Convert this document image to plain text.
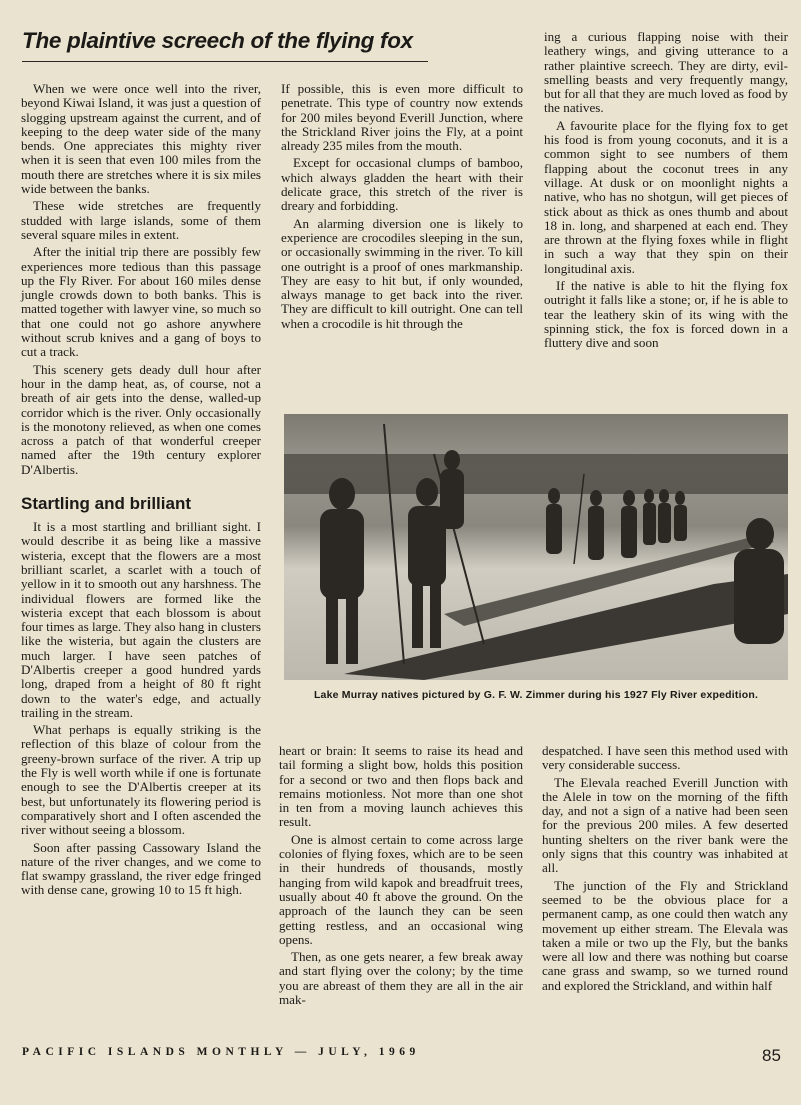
The plaintive screech of the flying fox

When we were once well into the river, beyond Kiwai Island, it was just a question of slogging upstream against the current, and of keeping to the deep water side of the many bends. One appreciates this mighty river when it is seen that even 100 miles from the mouth there are stretches where it is six miles wide between the banks.

These wide stretches are frequently studded with large islands, some of them several square miles in extent.

After the initial trip there are possibly few experiences more tedious than this passage up the Fly River. For about 160 miles dense jungle crowds down to both banks. This is matted together with lawyer vine, so much so that one could not go ashore anywhere without scrub knives and a gang of boys to cut a track.

This scenery gets deady dull hour after hour in the damp heat, as, of course, not a breath of air gets into the dense, walled-up corridor which is the river. Only occasionally is the monotony relieved, as when one comes across a patch of that wonderful creeper named after the 19th century explorer D'Albertis.

Startling and brilliant

It is a most startling and brilliant sight. I would describe it as being like a massive wisteria, except that the flowers are a most brilliant scarlet, a scarlet with a touch of yellow in it to smooth out any harshness. The individual flowers are formed like the wisteria except that each blossom is about four times as large. They also hang in clusters like the wisteria, but again the clusters are much larger. I have seen patches of D'Albertis creeper a good hundred yards long, draped from a height of 80 ft right down to the water's edge, and actually trailing in the stream.

What perhaps is equally striking is the reflection of this blaze of colour from the greeny-brown surface of the river. A trip up the Fly is well worth while if one is fortunate enough to see the D'Albertis creeper at its best, but unfortunately its flowering period is comparatively short and I often ascended the river without seeing a blossom.

Soon after passing Cassowary Island the nature of the river changes, and we come to flat swampy grassland, the river edge fringed with dense cane, growing 10 to 15 ft high.

If possible, this is even more difficult to penetrate. This type of country now extends for 200 miles beyond Everill Junction, where the Strickland River joins the Fly, at a point already 235 miles from the mouth.

Except for occasional clumps of bamboo, which always gladden the heart with their delicate grace, this stretch of the river is dreary and forbidding.

An alarming diversion one is likely to experience are crocodiles sleeping in the sun, or occasionally swimming in the river. To kill one outright is a proof of ones markmanship. They are easy to hit but, if only wounded, always manage to get back into the river. They are difficult to kill outright. One can tell when a crocodile is hit through the

ing a curious flapping noise with their leathery wings, and giving utterance to a rather plaintive screech. They are dirty, evil-smelling beasts and very frequently mangy, but for all that they are much loved as food by the natives.

A favourite place for the flying fox to get his food is from young coconuts, and it is a common sight to see numbers of them flapping about the coconut trees in any village. At dusk or on moonlight nights a native, who has no shotgun, will get pieces of stick about as thick as ones thumb and about 18 in. long, and sharpened at each end. They are thrown at the flying foxes while in flight in such a way that they spin on their longitudinal axis.

If the native is able to hit the flying fox outright it falls like a stone; or, if he is able to tear the leathery skin of its wing with the spinning stick, the fox is forced down in a fluttery dive and soon

Lake Murray natives pictured by G. F. W. Zimmer during his 1927 Fly River expedition.

heart or brain: It seems to raise its head and tail forming a slight bow, holds this position for a second or two and then flops back and remains motionless. Not more than one shot in ten from a moving launch achieves this result.

One is almost certain to come across large colonies of flying foxes, which are to be seen in their hundreds of thousands, mostly hanging from wild kapok and breadfruit trees, usually about 40 ft above the ground. On the approach of the launch they can be seen getting restless, and an occasional wing opens.

Then, as one gets nearer, a few break away and start flying over the colony; by the time you are abreast of them they are all in the air mak-

despatched. I have seen this method used with very considerable success.

The Elevala reached Everill Junction with the Alele in tow on the morning of the fifth day, and not a sign of a native had been seen for the previous 200 miles. A few deserted hunting shelters on the river bank were the only signs that this country was inhabited at all.

The junction of the Fly and Strickland seemed to be the obvious place for a permanent camp, as one could then watch any movement up either stream. The Elevala was taken a mile or two up the Fly, but the banks were all low and there was nothing but coarse cane grass and swamp, so we turned round and explored the Strickland, and within half

PACIFIC ISLANDS MONTHLY — JULY, 1969	85
